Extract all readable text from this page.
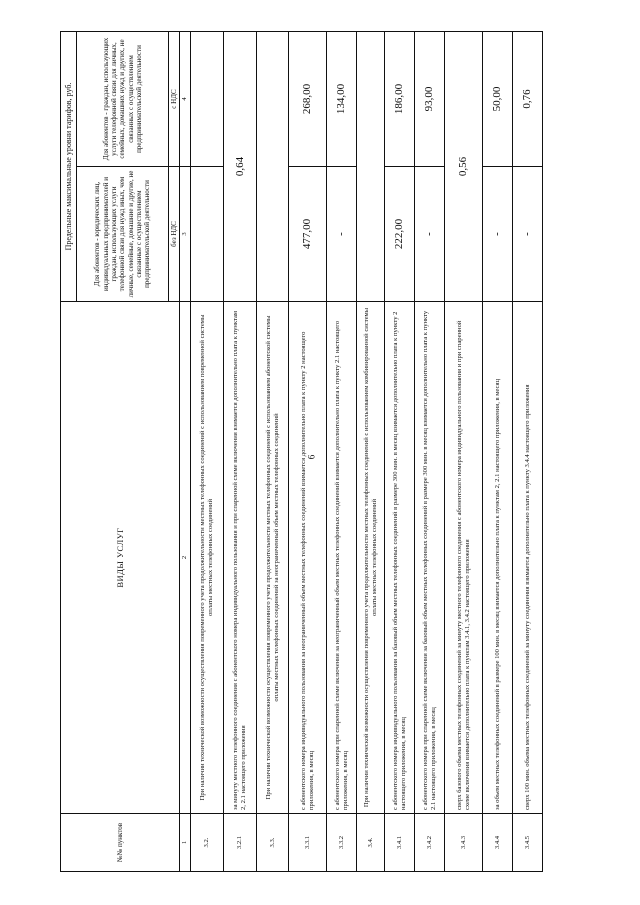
6
№№ пунктов	ВИДЫ УСЛУГ	Предельные максимальные уровни тарифов, руб.	
		Для абонентов - юридических лиц, индивидуальных предпринимателей и граждан, использующих услуги телефонной связи для нужд иных, чем личные, семейные, домашние и другие, не связанные с осуществлением предпринимательской деятельности	Для абонентов - граждан, использующих услуги телефонной связи для личных, семейных, домашних нужд и других, не связанных с осуществлением предпринимательской деятельности
		без НДС	с НДС
1	2	3	4
3.2.	При наличии технической возможности осуществления повременного учета продолжительности местных телефонных соединений с использованием повременной системы оплаты местных телефонных соединений		
3.2.1	за минуту местного телефонного соединения с абонентского номера индивидуального пользования и при спаренной схеме включения взимается дополнительно плата к пунктам 2, 2.1 настоящего приложения	0,64	
3.3.	При наличии технической возможности осуществления повременного учета продолжительности местных телефонных соединений с использованием абонентской системы оплаты местных телефонных соединений за неограниченный объем местных телефонных соединений		
3.3.1	с абонентского номера индивидуального пользования за неограниченный объем местных телефонных соединений взимается дополнительно плата к пункту 2 настоящего приложения, в месяц	477,00	268,00
3.3.2	с абонентского номера при спаренной схеме включения за неограниченный объем местных телефонных соединений взимается дополнительно плата к пункту 2.1 настоящего приложения, в месяц	-	134,00
3.4.	При наличии технической возможности осуществления повременного учета продолжительности местных телефонных соединений с использованием комбинированной системы оплаты местных телефонных соединений		
3.4.1	с абонентского номера индивидуального пользования за базовый объем местных телефонных соединений в размере 300 мин. в месяц взимается дополнительно плата к пункту 2 настоящего приложения, в месяц	222,00	186,00
3.4.2	с абонентского номера при спаренной схеме включения за базовый объем местных телефонных соединений в размере 300 мин. в месяц взимается дополнительно плата к пункту 2.1 настоящего приложения, в месяц	-	93,00
3.4.3	сверх базового объема местных телефонных соединений за минуту местного телефонного соединения с абонентского номера индивидуального пользования и при спаренной схеме включения взимается дополнительно плата к пунктам 3.4.1, 3.4.2 настоящего приложения	0,56	
3.4.4	за объем местных телефонных соединений в размере 100 мин. в месяц взимается дополнительно плата к пунктам 2, 2.1 настоящего приложения, в месяц	-	50,00
3.4.5	сверх 100 мин. объема местных телефонных соединений за минуту соединения взимается дополнительно плата к пункту 3.4.4 настоящего приложения	-	0,76
